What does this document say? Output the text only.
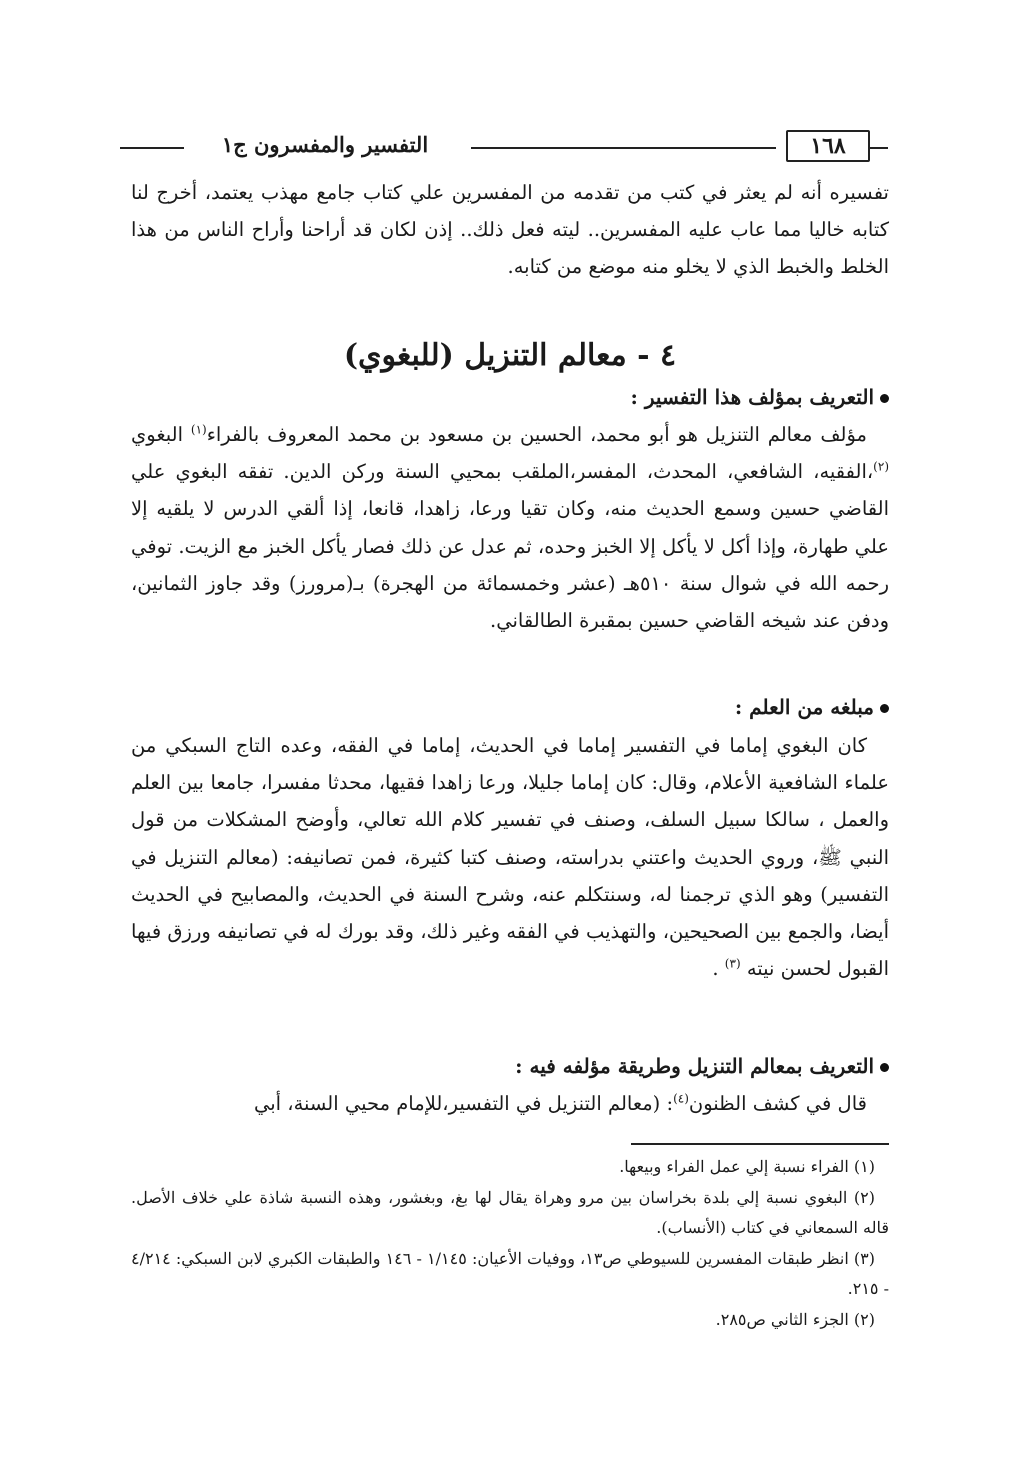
١٦٨
التفسير والمفسرون ج١
تفسيره أنه لم يعثر في كتب من تقدمه من المفسرين علي كتاب جامع مهذب يعتمد، أخرج لنا كتابه خاليا مما عاب عليه المفسرين.. ليته فعل ذلك.. إذن لكان قد أراحنا وأراح الناس من هذا الخلط والخبط الذي لا يخلو منه موضع من كتابه.
٤ - معالم التنزيل (للبغوي)
التعريف بمؤلف هذا التفسير :
مؤلف معالم التنزيل هو أبو محمد، الحسين بن مسعود بن محمد المعروف بالفراء$^{(١)}$ البغوي $^{(٢)}$،الفقيه، الشافعي، المحدث، المفسر،الملقب بمحيي السنة وركن الدين. تفقه البغوي علي القاضي حسين وسمع الحديث منه، وكان تقيا ورعا، زاهدا، قانعا، إذا ألقي الدرس لا يلقيه إلا علي طهارة، وإذا أكل لا يأكل إلا الخبز وحده، ثم عدل عن ذلك فصار يأكل الخبز مع الزيت. توفي رحمه الله في شوال سنة ٥١٠هـ (عشر وخمسمائة من الهجرة) بـ(مرورز) وقد جاوز الثمانين، ودفن عند شيخه القاضي حسين بمقبرة الطالقاني.
مبلغه من العلم :
كان البغوي إماما في التفسير إماما في الحديث، إماما في الفقه، وعده التاج السبكي من علماء الشافعية الأعلام، وقال: كان إماما جليلا، ورعا زاهدا فقيها، محدثا مفسرا، جامعا بين العلم والعمل ، سالكا سبيل السلف، وصنف في تفسير كلام الله تعالي، وأوضح المشكلات من قول النبي ﷺ، وروي الحديث واعتني بدراسته، وصنف كتبا كثيرة، فمن تصانيفه: (معالم التنزيل في التفسير) وهو الذي ترجمنا له، وسنتكلم عنه، وشرح السنة في الحديث، والمصابيح في الحديث أيضا، والجمع بين الصحيحين، والتهذيب في الفقه وغير ذلك، وقد بورك له في تصانيفه ورزق فيها القبول لحسن نيته $^{(٣)}$ .
التعريف بمعالم التنزيل وطريقة مؤلفه فيه :
قال في كشف الظنون$^{(٤)}$: (معالم التنزيل في التفسير،للإمام محيي السنة، أبي

(١) الفراء نسبة إلي عمل الفراء وبيعها.

(٢) البغوي نسبة إلي بلدة بخراسان بين مرو وهراة يقال لها بغ، وبغشور، وهذه النسبة شاذة علي خلاف الأصل. قاله السمعاني في كتاب (الأنساب).

(٣) انظر طبقات المفسرين للسيوطي ص١٣، ووفيات الأعيان: ١/١٤٥ - ١٤٦ والطبقات الكبري لابن السبكي: ٤/٢١٤ - ٢١٥.

(٢) الجزء الثاني ص٢٨٥.
